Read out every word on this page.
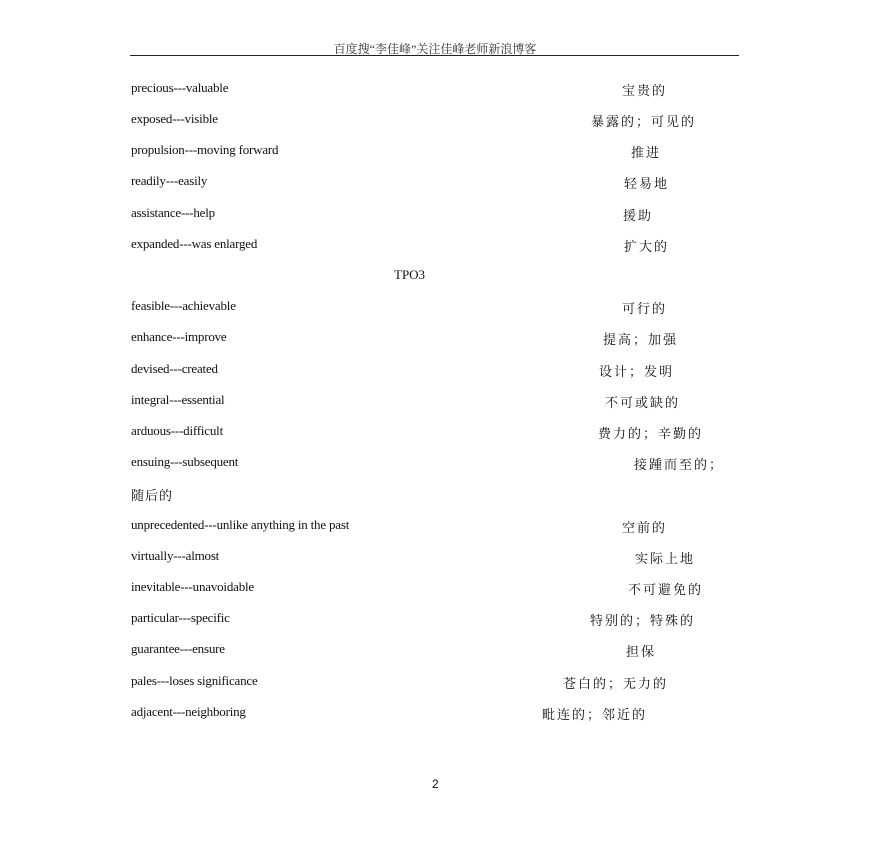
百度搜“李佳峰”关注佳峰老师新浪博客
precious---valuable	宝贵的
exposed---visible	暴露的；可见的
propulsion---moving forward	推进
readily---easily	轻易地
assistance---help	援助
expanded---was enlarged	扩大的
TPO3
feasible---achievable	可行的
enhance---improve	提高；加强
devised---created	设计；发明
integral---essential	不可或缺的
arduous---difficult	费力的；辛勤的
ensuing---subsequent	接踵而至的；
随后的
unprecedented---unlike anything in the past	空前的
virtually---almost	实际上地
inevitable---unavoidable	不可避免的
particular---specific	特别的；特殊的
guarantee---ensure	担保
pales---loses significance	苍白的；无力的
adjacent---neighboring	毗连的；邻近的
2
